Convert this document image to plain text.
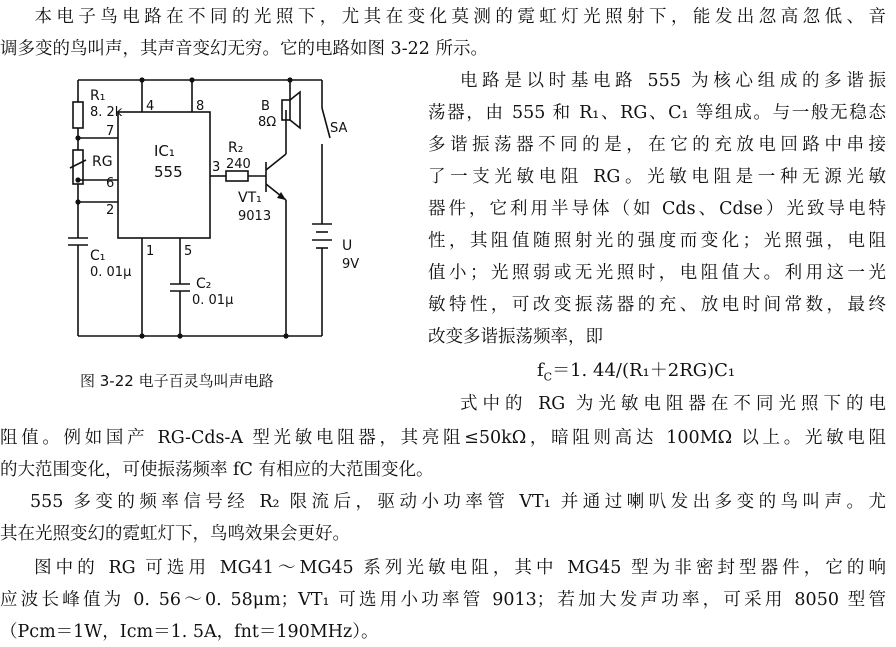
本电子鸟电路在不同的光照下，尤其在变化莫测的霓虹灯光照射下，能发出忽高忽低、音
调多变的鸟叫声，其声音变幻无穷。它的电路如图 3-22 所示。
电路是以时基电路 555 为核心组成的多谐振
荡器，由 555 和 R₁、RG、C₁ 等组成。与一般无稳态
多谐振荡器不同的是，在它的充放电回路中串接
了一支光敏电阻 RG。光敏电阻是一种无源光敏
器件，它利用半导体（如 Cds、Cdse）光致导电特
性，其阻值随照射光的强度而变化；光照强，电阻
值小；光照弱或无光照时，电阻值大。利用这一光
敏特性，可改变振荡器的充、放电时间常数，最终
改变多谐振荡频率，即
$f_C=1$. 44/(R₁＋2RG)C₁
图 3-22 电子百灵鸟叫声电路
式中的 RG 为光敏电阻器在不同光照下的电
阻值。例如国产 RG-Cds-A 型光敏电阻器，其亮阻≤50kΩ，暗阻则高达 100MΩ 以上。光敏电阻
的大范围变化，可使振荡频率 fC 有相应的大范围变化。
555 多变的频率信号经 R₂ 限流后，驱动小功率管 VT₁ 并通过喇叭发出多变的鸟叫声。尤
其在光照变幻的霓虹灯下，鸟鸣效果会更好。
图中的 RG 可选用 MG41～MG45 系列光敏电阻，其中 MG45 型为非密封型器件，它的响
应波长峰值为 0. 56～0. 58μm；VT₁ 可选用小功率管 9013；若加大发声功率，可采用 8050 型管
（Pcm＝1W，Icm＝1. 5A，fnt＝190MHz）。
R₁
8. 2k 4	8
7
RG
6
2
IC₁
555 3
1 5
R₂
240
VT₁
9013
B
8Ω	SA
U
9V
C₁
0. 01μ
C₂
0. 01μ
